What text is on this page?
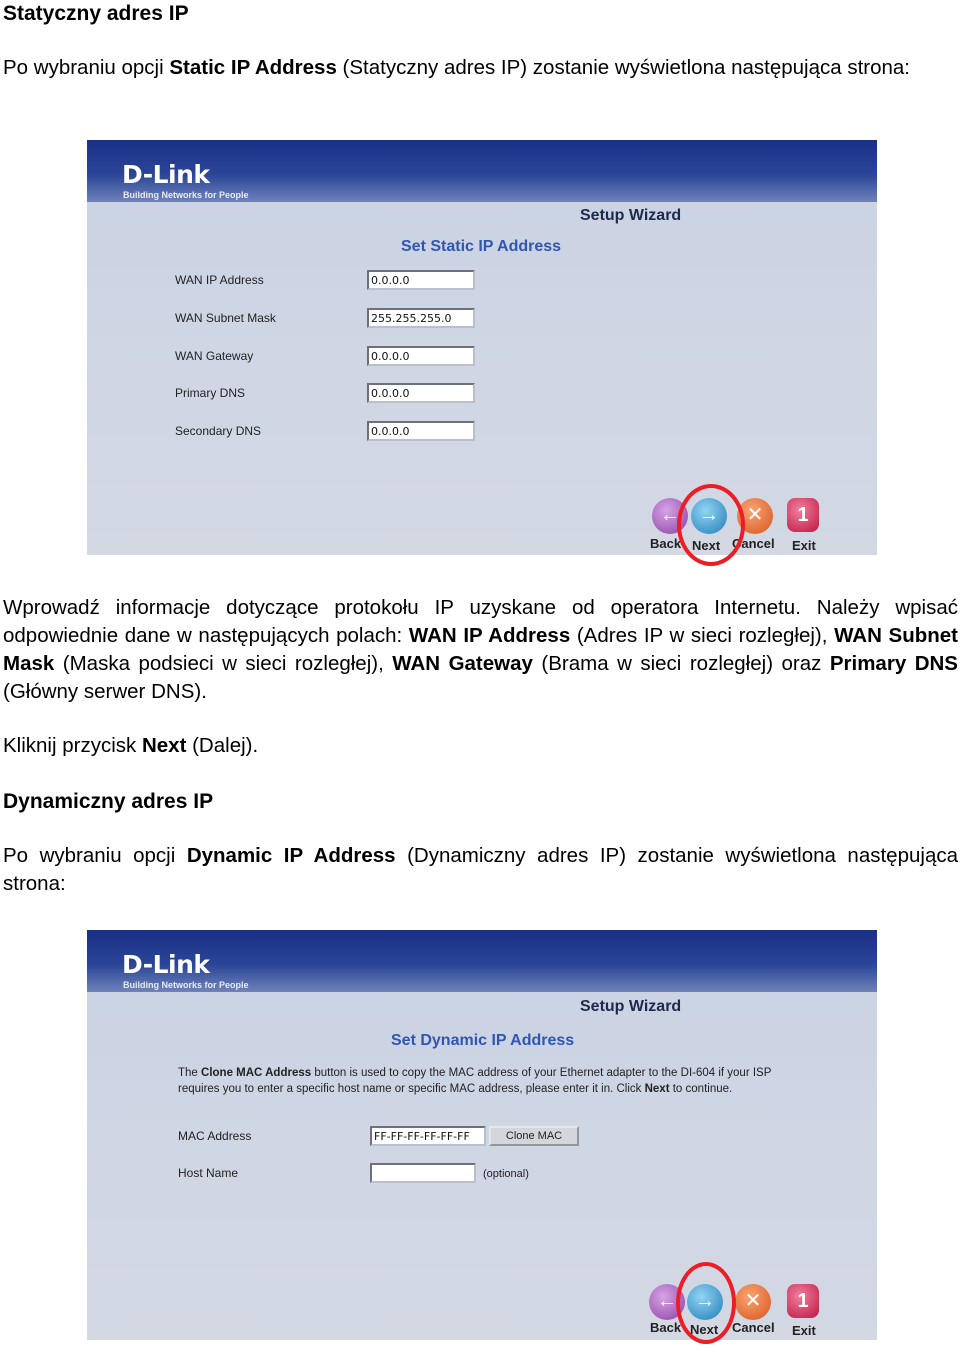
Statyczny adres IP
Po wybraniu opcji Static IP Address (Statyczny adres IP) zostanie wyświetlona następująca strona:
D-Link
Building Networks for People
Setup Wizard
Set Static IP Address
WAN IP Address	0.0.0.0
WAN Subnet Mask	255.255.255.0
WAN Gateway	0.0.0.0
Primary DNS	0.0.0.0
Secondary DNS	0.0.0.0
←
Back
→
Next
✕
Cancel
1
Exit
Wprowadź informacje dotyczące protokołu IP uzyskane od operatora Internetu. Należy wpisać odpowiednie dane w następujących polach: WAN IP Address (Adres IP w sieci rozległej), WAN Subnet Mask (Maska podsieci w sieci rozległej), WAN Gateway (Brama w sieci rozległej) oraz Primary DNS (Główny serwer DNS).
Kliknij przycisk Next (Dalej).
Dynamiczny adres IP
Po wybraniu opcji Dynamic IP Address (Dynamiczny adres IP) zostanie wyświetlona następująca strona:
D-Link
Building Networks for People
Setup Wizard
Set Dynamic IP Address
The Clone MAC Address button is used to copy the MAC address of your Ethernet adapter to the DI-604 if your ISP requires you to enter a specific host name or specific MAC address, please enter it in. Click Next to continue.
MAC Address	FF-FF-FF-FF-FF-FF	Clone MAC
Host Name	(optional)
←
Back
→
Next
✕
Cancel
1
Exit
